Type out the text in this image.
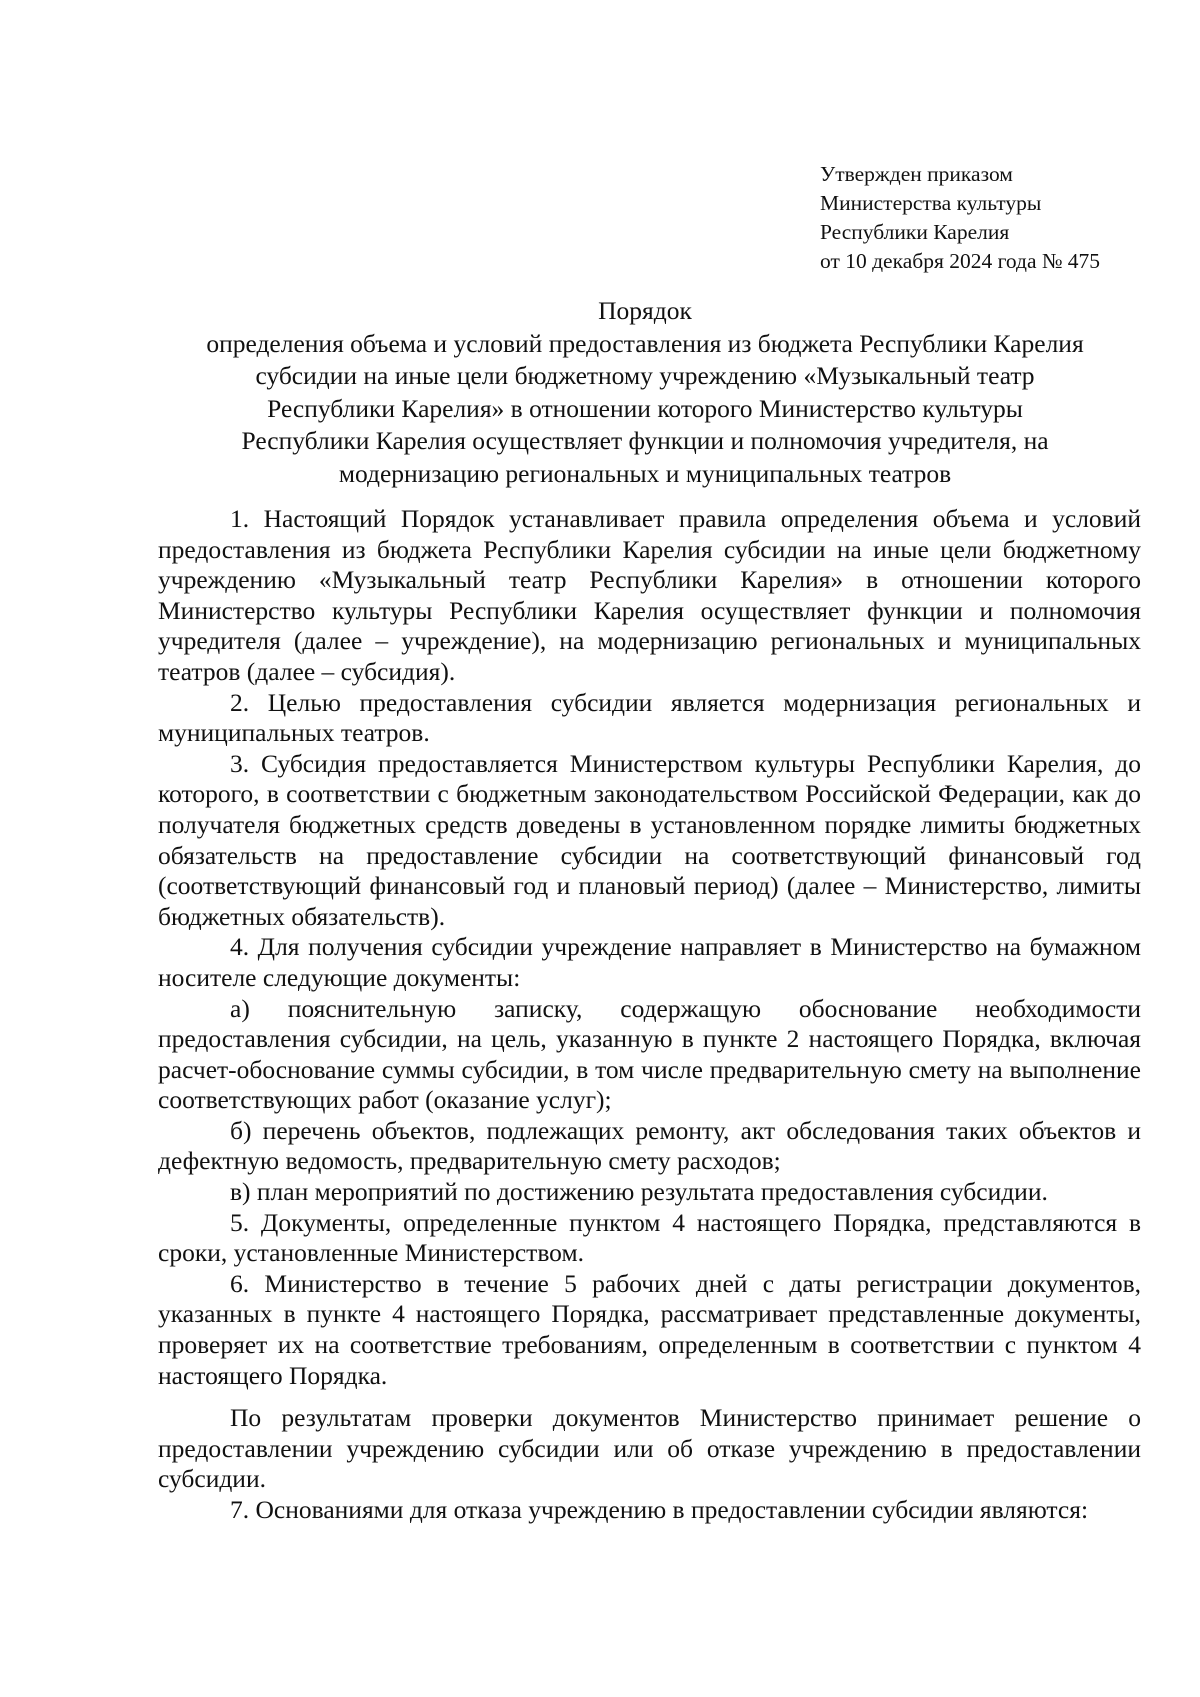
Утвержден приказом
Министерства культуры
Республики Карелия
от 10 декабря 2024 года № 475
Порядок
определения объема и условий предоставления из бюджета Республики Карелия
субсидии на иные цели бюджетному учреждению «Музыкальный театр
Республики Карелия» в отношении которого Министерство культуры
Республики Карелия осуществляет функции и полномочия учредителя, на
модернизацию региональных и муниципальных театров

1. Настоящий Порядок устанавливает правила определения объема и условий предоставления из бюджета Республики Карелия субсидии на иные цели бюджетному учреждению «Музыкальный театр Республики Карелия» в отношении которого Министерство культуры Республики Карелия осуществляет функции и полномочия учредителя (далее – учреждение), на модернизацию региональных и муниципальных театров (далее – субсидия).

2. Целью предоставления субсидии является модернизация региональных и муниципальных театров.

3. Субсидия предоставляется Министерством культуры Республики Карелия, до которого, в соответствии с бюджетным законодательством Российской Федерации, как до получателя бюджетных средств доведены в установленном порядке лимиты бюджетных обязательств на предоставление субсидии на соответствующий финансовый год (соответствующий финансовый год и плановый период) (далее – Министерство, лимиты бюджетных обязательств).

4. Для получения субсидии учреждение направляет в Министерство на бумажном носителе следующие документы:

а) пояснительную записку, содержащую обоснование необходимости предоставления субсидии, на цель, указанную в пункте 2 настоящего Порядка, включая расчет-обоснование суммы субсидии, в том числе предварительную смету на выполнение соответствующих работ (оказание услуг);

б) перечень объектов, подлежащих ремонту, акт обследования таких объектов и дефектную ведомость, предварительную смету расходов;

в) план мероприятий по достижению результата предоставления субсидии.

5. Документы, определенные пунктом 4 настоящего Порядка, представляются в сроки, установленные Министерством.

6. Министерство в течение 5 рабочих дней с даты регистрации документов, указанных в пункте 4 настоящего Порядка, рассматривает представленные документы, проверяет их на соответствие требованиям, определенным в соответствии с пунктом 4 настоящего Порядка.

По результатам проверки документов Министерство принимает решение о предоставлении учреждению субсидии или об отказе учреждению в предоставлении субсидии.

7. Основаниями для отказа учреждению в предоставлении субсидии являются:
